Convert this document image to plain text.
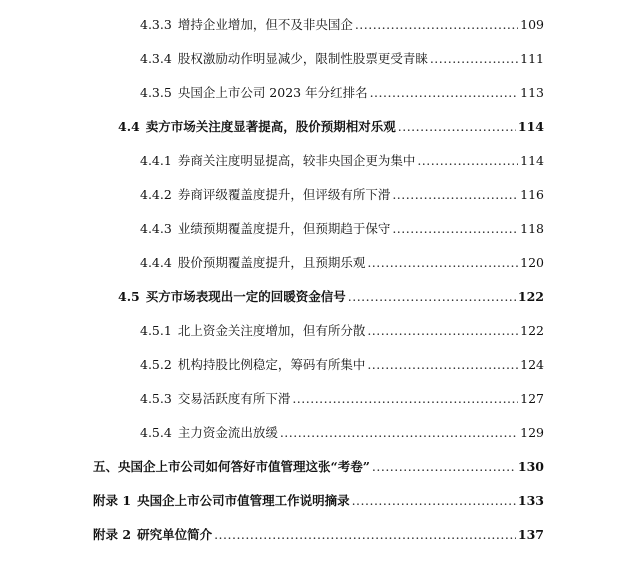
4.3.3 增持企业增加，但不及非央国企 .....	109
4.3.4 股权激励动作明显减少，限制性股票更受青睐 .....	111
4.3.5 央国企上市公司 2023 年分红排名 .....	113
4.4 卖方市场关注度显著提高，股价预期相对乐观 .....	114
4.4.1 券商关注度明显提高，较非央国企更为集中 .....	114
4.4.2 券商评级覆盖度提升，但评级有所下滑 .....	116
4.4.3 业绩预期覆盖度提升，但预期趋于保守 .....	118
4.4.4 股价预期覆盖度提升，且预期乐观 .....	120
4.5 买方市场表现出一定的回暖资金信号 .....	122
4.5.1 北上资金关注度增加，但有所分散 .....	122
4.5.2 机构持股比例稳定，筹码有所集中 .....	124
4.5.3 交易活跃度有所下滑 .....	127
4.5.4 主力资金流出放缓 .....	129
五、 央国企上市公司如何答好市值管理这张“考卷” .....	130
附录 1 央国企上市公司市值管理工作说明摘录 .....	133
附录 2 研究单位简介 .....	137
